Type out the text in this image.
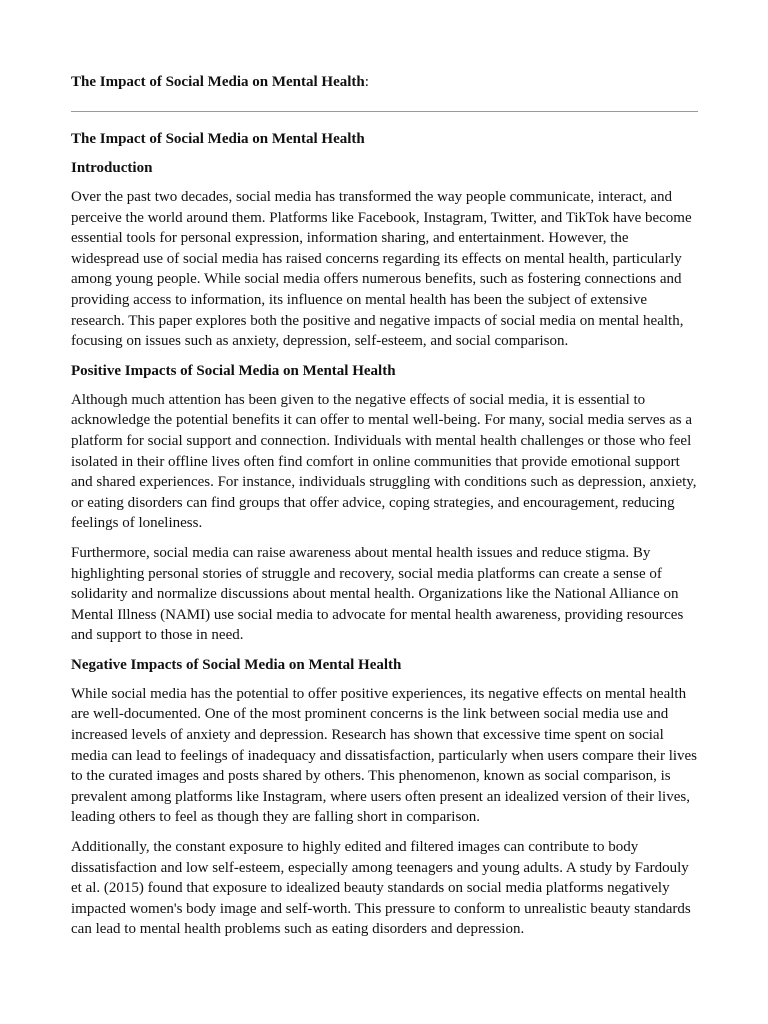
The Impact of Social Media on Mental Health:

The Impact of Social Media on Mental Health
Introduction

Over the past two decades, social media has transformed the way people communicate, interact, and perceive the world around them. Platforms like Facebook, Instagram, Twitter, and TikTok have become essential tools for personal expression, information sharing, and entertainment. However, the widespread use of social media has raised concerns regarding its effects on mental health, particularly among young people. While social media offers numerous benefits, such as fostering connections and providing access to information, its influence on mental health has been the subject of extensive research. This paper explores both the positive and negative impacts of social media on mental health, focusing on issues such as anxiety, depression, self-esteem, and social comparison.

Positive Impacts of Social Media on Mental Health

Although much attention has been given to the negative effects of social media, it is essential to acknowledge the potential benefits it can offer to mental well-being. For many, social media serves as a platform for social support and connection. Individuals with mental health challenges or those who feel isolated in their offline lives often find comfort in online communities that provide emotional support and shared experiences. For instance, individuals struggling with conditions such as depression, anxiety, or eating disorders can find groups that offer advice, coping strategies, and encouragement, reducing feelings of loneliness.

Furthermore, social media can raise awareness about mental health issues and reduce stigma. By highlighting personal stories of struggle and recovery, social media platforms can create a sense of solidarity and normalize discussions about mental health. Organizations like the National Alliance on Mental Illness (NAMI) use social media to advocate for mental health awareness, providing resources and support to those in need.

Negative Impacts of Social Media on Mental Health

While social media has the potential to offer positive experiences, its negative effects on mental health are well-documented. One of the most prominent concerns is the link between social media use and increased levels of anxiety and depression. Research has shown that excessive time spent on social media can lead to feelings of inadequacy and dissatisfaction, particularly when users compare their lives to the curated images and posts shared by others. This phenomenon, known as social comparison, is prevalent among platforms like Instagram, where users often present an idealized version of their lives, leading others to feel as though they are falling short in comparison.

Additionally, the constant exposure to highly edited and filtered images can contribute to body dissatisfaction and low self-esteem, especially among teenagers and young adults. A study by Fardouly et al. (2015) found that exposure to idealized beauty standards on social media platforms negatively impacted women's body image and self-worth. This pressure to conform to unrealistic beauty standards can lead to mental health problems such as eating disorders and depression.
